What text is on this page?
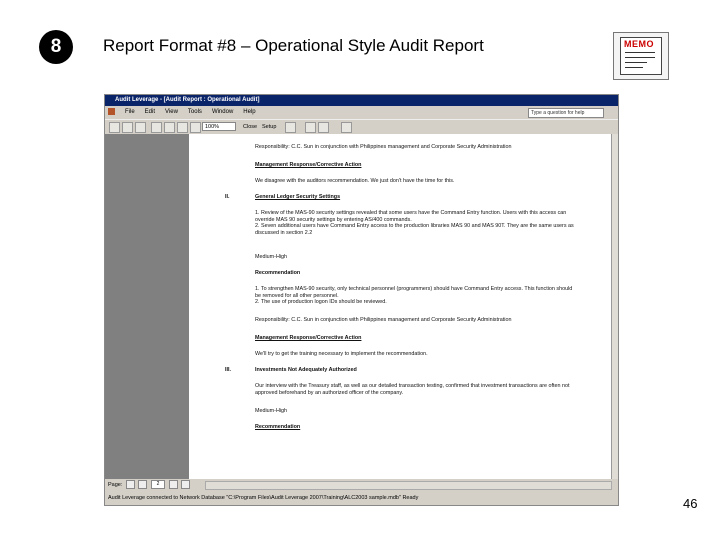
8 Report Format #8 – Operational Style Audit Report	MEMO
Audit Leverage - [Audit Report : Operational Audit]
File Edit View Tools Window Help	Type a question for help
100%	Close Setup
Responsibility: C.C. Sun in conjunction with Philippines management and Corporate Security Administration
Management Response/Corrective Action
We disagree with the auditors recommendation. We just don't have the time for this.
II.	General Ledger Security Settings
1. Review of the MAS-90 security settings revealed that some users have the Command Entry function. Users with this access can override MAS 90 security settings by entering AS/400 commands.
2. Seven additional users have Command Entry access to the production libraries MAS 90 and MAS 90T. They are the same users as discussed in section 2.2
Medium-High
Recommendation
1. To strengthen MAS-90 security, only technical personnel (programmers) should have Command Entry access. This function should be removed for all other personnel.
2. The use of production logon IDs should be reviewed.
Responsibility: C.C. Sun in conjunction with Philippines management and Corporate Security Administration
Management Response/Corrective Action
We'll try to get the training necessary to implement the recommendation.
III.	Investments Not Adequately Authorized
Our interview with the Treasury staff, as well as our detailed transaction testing, confirmed that investment transactions are often not approved beforehand by an authorized officer of the company.
Medium-High
Recommendation
Page:	2
Audit Leverage connected to Network Database "C:\Program Files\Audit Leverage 2007\Training\ALC2003 sample.mdb" Ready	46
